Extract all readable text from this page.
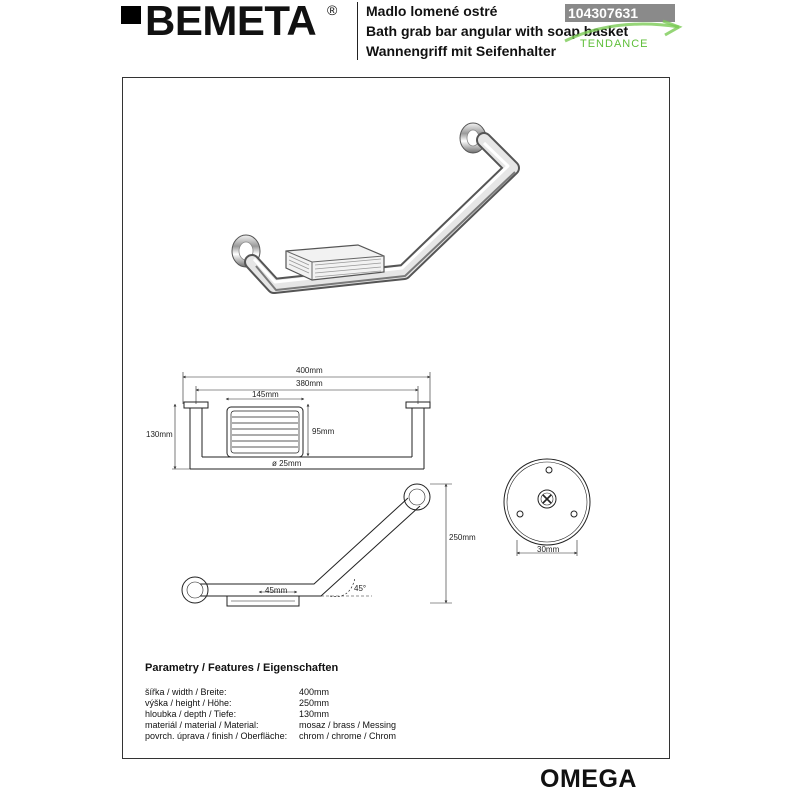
BEMETA ® Madlo lomené ostré
Bath grab bar angular with soap basket
104307631
Wannengriff mit Seifenhalter TENDANCE
400mm
380mm
145mm
130mm	95mm
ø 25mm
250mm
45mm	45°
30mm
Parametry / Features / Eigenschaften
šířka / width / Breite:	400mm
výška / height / Höhe:	250mm
hloubka / depth / Tiefe:	130mm
materiál / material / Material:	mosaz / brass / Messing
povrch. úprava / finish / Oberfläche: chrom / chrome / Chrom
OMEGA
